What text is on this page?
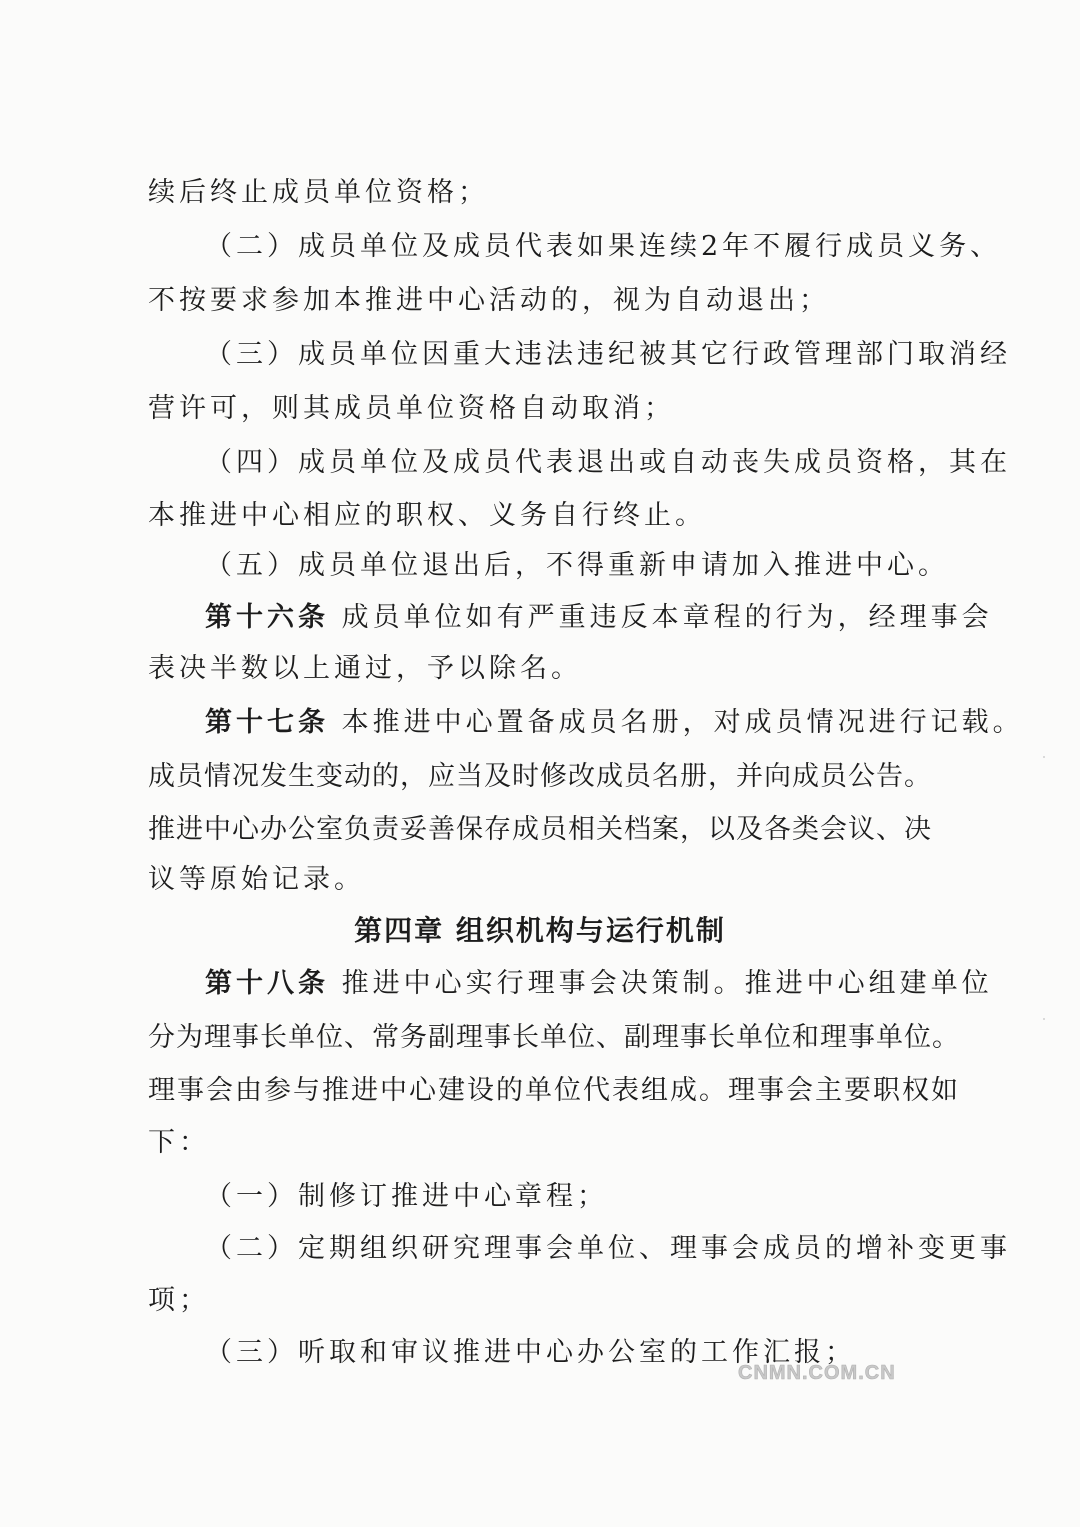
续后终止成员单位资格；
（二）成员单位及成员代表如果连续2年不履行成员义务、
不按要求参加本推进中心活动的，视为自动退出；
（三）成员单位因重大违法违纪被其它行政管理部门取消经
营许可，则其成员单位资格自动取消；
（四）成员单位及成员代表退出或自动丧失成员资格，其在
本推进中心相应的职权、义务自行终止。
（五）成员单位退出后，不得重新申请加入推进中心。
第十六条 成员单位如有严重违反本章程的行为，经理事会
表决半数以上通过，予以除名。
第十七条 本推进中心置备成员名册，对成员情况进行记载。
成员情况发生变动的，应当及时修改成员名册，并向成员公告。
推进中心办公室负责妥善保存成员相关档案，以及各类会议、决
议等原始记录。
第四章 组织机构与运行机制
第十八条 推进中心实行理事会决策制。推进中心组建单位
分为理事长单位、常务副理事长单位、副理事长单位和理事单位。
理事会由参与推进中心建设的单位代表组成。理事会主要职权如
下：
（一）制修订推进中心章程；
（二）定期组织研究理事会单位、理事会成员的增补变更事
项；
（三）听取和审议推进中心办公室的工作汇报；
CNMN.COM.CN
